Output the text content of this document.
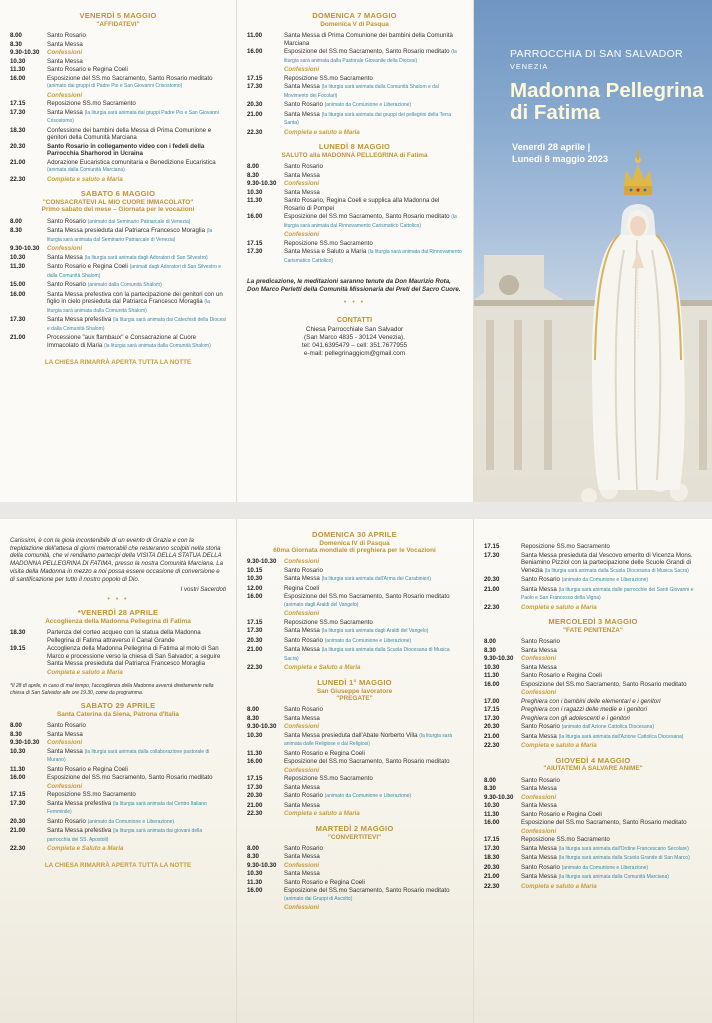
VENERDÌ 5 MAGGIO
"AFFIDATEVI"
8.00	Santo Rosario
8.30	Santa Messa
9.30-10.30	Confessioni
10.30	Santa Messa
11.30	Santo Rosario e Regina Coeli
16.00	Esposizione del SS.mo Sacramento, Santo Rosario meditato (animato dai gruppi di Padre Pio e San Giovanni Crisostomo)
	Confessioni
17.15	Reposizione SS.mo Sacramento
17.30	Santa Messa (la liturgia sarà animata dai gruppi Padre Pio e San Giovanni Crisostomo)
18.30	Confessione dei bambini della Messa di Prima Comunione e genitori della Comunità Marciana
20.30	Santo Rosario in collegamento video con i fedeli della Parrocchia Sharhorod in Ucraina
21.00	Adorazione Eucaristica comunitaria e Benedizione Eucaristica (animata dalla Comunità Marciana)
22.30	Compieta e saluto a Maria
SABATO 6 MAGGIO
"CONSACRATEVI AL MIO CUORE IMMACOLATO"
Primo sabato del mese – Giornata per le vocazioni
8.00	Santo Rosario (animato dal Seminario Patriarcale di Venezia)
8.30	Santa Messa presieduta dal Patriarca Francesco Moraglia (la liturgia sarà animata dal Seminario Patriarcale di Venezia)
9.30-10.30	Confessioni
10.30	Santa Messa (la liturgia sarà animata dagli Adoratori di San Silvestro)
11.30	Santo Rosario e Regina Coeli (animati dagli Adoratori di San Silvestro e dalla Comunità Shalom)
15.00	Santo Rosario (animato dalla Comunità Shalom)
16.00	Santa Messa prefestiva con la partecipazione dei genitori con un figlio in cielo presieduta dal Patriarca Francesco Moraglia (la liturgia sarà animata dalla Comunità Shalom)
17.30	Santa Messa prefestiva (la liturgia sarà animata dai Catechisti della Diocesi e dalla Comunità Shalom)
21.00	Processione "aux flambaux" e Consacrazione al Cuore Immacolato di Maria (la liturgia sarà animata dalla Comunità Shalom)
LA CHIESA RIMARRÀ APERTA TUTTA LA NOTTE
DOMENICA 7 MAGGIO
Domenica V di Pasqua
11.00	Santa Messa di Prima Comunione dei bambini della Comunità Marciana
16.00	Esposizione del SS.mo Sacramento, Santo Rosario meditato (la liturgia sarà animata dalla Pastorale Giovanile della Diocesi)
	Confessioni
17.15	Reposizione SS.mo Sacramento
17.30	Santa Messa (la liturgia sarà animata dalla Comunità Shalom e dal Movimento dei Focolari)
20.30	Santo Rosario (animato da Comunione e Liberazione)
21.00	Santa Messa (la liturgia sarà animata dai gruppi dei pellegrini della Terra Santa)
22.30	Compieta e saluto a Maria
LUNEDÌ 8 MAGGIO
SALUTO alla MADONNA PELLEGRINA di Fatima
8.00	Santo Rosario
8.30	Santa Messa
9.30-10.30	Confessioni
10.30	Santa Messa
11.30	Santo Rosario, Regina Coeli e supplica alla Madonna del Rosario di Pompei
16.00	Esposizione del SS.mo Sacramento, Santo Rosario meditato (la liturgia sarà animata dal Rinnovamento Carismatico Cattolico)
	Confessioni
17.15	Reposizione SS.mo Sacramento
17.30	Santa Messa e Saluto a Maria (la liturgia sarà animata dal Rinnovamento Carismatico Cattolico)
La predicazione, le meditazioni saranno tenute da Don Maurizio Rota, Don Marco Perletti della Comunità Missionaria dei Preti del Sacro Cuore.
• • •
CONTATTI
Chiesa Parrocchiale San Salvador
(San Marco 4835 - 30124 Venezia).
tel: 041.6395479 – cell: 351.7677955
e-mail: pellegrinaggicm@gmail.com
PARROCCHIA DI SAN SALVADOR
VENEZIA
Madonna Pellegrina
di Fatima
Venerdì 28 aprile |
Lunedì 8 maggio 2023
Carissimi, è con la gioia incontenibile di un evento di Grazia e con la trepidazione dell'attesa di giorni memorabili che resteranno scolpiti nella storia della comunità, che vi rendiamo partecipi della VISITA DELLA STATUA DELLA MADONNA PELLEGRINA DI FATIMA, presso la nostra Comunità Marciana. La visita della Madonna in mezzo a noi possa essere occasione di conversione e di santificazione per tutto il nostro popolo di Dio.
I vostri Sacerdoti
• • •
*VENERDÌ 28 APRILE
Accoglienza della Madonna Pellegrina di Fatima
18.30	Partenza del corteo acqueo con la statua della Madonna Pellegrina di Fatima attraverso il Canal Grande
19.15	Accoglienza della Madonna Pellegrina di Fatima al molo di San Marco e processione verso la chiesa di San Salvador; a seguire Santa Messa presieduta dal Patriarca Francesco Moraglia
	Compieta e saluto a Maria
*Il 28 di aprile, in caso di mal tempo, l'accoglienza della Madonna avverrà direttamente nella chiesa di San Salvador alle ore 19.30, come da programma.
SABATO 29 APRILE
Santa Caterina da Siena, Patrona d'Italia
8.00	Santo Rosario
8.30	Santa Messa
9.30-10.30	Confessioni
10.30	Santa Messa (la liturgia sarà animata dalla collaborazione pastorale di Murano)
11.30	Santo Rosario e Regina Coeli
16.00	Esposizione del SS.mo Sacramento, Santo Rosario meditato
	Confessioni
17.15	Reposizione SS.mo Sacramento
17.30	Santa Messa prefestiva (la liturgia sarà animata dal Centro Italiano Femminile)
20.30	Santo Rosario (animato da Comunione e Liberazione)
21.00	Santa Messa prefestiva (la liturgia sarà animata dai giovani della parrocchia dei SS. Apostoli)
22.30	Compieta e Saluto a Maria
LA CHIESA RIMARRÀ APERTA TUTTA LA NOTTE
DOMENICA 30 APRILE
Domenica IV di Pasqua
60ma Giornata mondiale di preghiera per le Vocazioni
9.30-10.30	Confessioni
10.15	Santo Rosario
10.30	Santa Messa (la liturgia sarà animata dall'Arma dei Carabinieri)
12.00	Regina Coeli
16.00	Esposizione del SS.mo Sacramento, Santo Rosario meditato (animato dagli Araldi del Vangelo)
	Confessioni
17.15	Reposizione SS.mo Sacramento
17.30	Santa Messa (la liturgia sarà animata dagli Araldi del Vangelo)
20.30	Santo Rosario (animato da Comunione e Liberazione)
21.00	Santa Messa (la liturgia sarà animata dalla Scuola Diocesana di Musica Sacra)
22.30	Compieta e Saluto a Maria
LUNEDÌ 1° MAGGIO
San Giuseppe lavoratore
"PREGATE"
8.00	Santo Rosario
8.30	Santa Messa
9.30-10.30	Confessioni
10.30	Santa Messa presieduta dall'Abate Norberto Villa (la liturgia sarà animata dalle Religiose e dai Religiosi)
11.30	Santo Rosario e Regina Coeli
16.00	Esposizione del SS.mo Sacramento, Santo Rosario meditato
	Confessioni
17.15	Reposizione SS.mo Sacramento
17.30	Santa Messa
20.30	Santo Rosario (animato da Comunione e Liberazione)
21.00	Santa Messa
22.30	Compieta e saluto a Maria
MARTEDÌ 2 MAGGIO
"CONVERTITEVI"
8.00	Santo Rosario
8.30	Santa Messa
9.30-10.30	Confessioni
10.30	Santa Messa
11.30	Santo Rosario e Regina Coeli
16.00	Esposizione del SS.mo Sacramento, Santo Rosario meditato (animato dai Gruppi di Ascolto)
	Confessioni
17.15	Reposizione SS.mo Sacramento
17.30	Santa Messa presieduta dal Vescovo emerito di Vicenza Mons. Beniamino Pizziol con la partecipazione delle Scuole Grandi di Venezia (la liturgia sarà animata dalla Scuola Diocesana di Musica Sacra)
20.30	Santo Rosario (animato da Comunione e Liberazione)
21.00	Santa Messa (la liturgia sarà animata dalle parrocchie dei Santi Giovanni e Paolo e San Francesco della Vigna)
22.30	Compieta e saluto a Maria
MERCOLEDÌ 3 MAGGIO
"FATE PENITENZA"
8.00	Santo Rosario
8.30	Santa Messa
9.30-10.30	Confessioni
10.30	Santa Messa
11.30	Santo Rosario e Regina Coeli
16.00	Esposizione del SS.mo Sacramento, Santo Rosario meditato
	Confessioni
17.00	Preghiera con i bambini delle elementari e i genitori
17.15	Preghiera con i ragazzi delle medie e i genitori
17.30	Preghiera con gli adolescenti e i genitori
20.30	Santo Rosario (animato dall'Azione Cattolica Diocesana)
21.00	Santa Messa (la liturgia sarà animata dall'Azione Cattolica Diocesana)
22.30	Compieta e saluto a Maria
GIOVEDÌ 4 MAGGIO
"AIUTATEMI A SALVARE ANIME"
8.00	Santo Rosario
8.30	Santa Messa
9.30-10.30	Confessioni
10.30	Santa Messa
11.30	Santo Rosario e Regina Coeli
16.00	Esposizione del SS.mo Sacramento, Santo Rosario meditato
	Confessioni
17.15	Reposizione SS.mo Sacramento
17.30	Santa Messa (la liturgia sarà animata dall'Ordine Francescano Secolare)
18.30	Santa Messa (la liturgia sarà animata dalla Scuola Grande di San Marco)
20.30	Santo Rosario (animato da Comunione e Liberazione)
21.00	Santa Messa (la liturgia sarà animata dalla Comunità Marciana)
22.30	Compieta e saluto a Maria
